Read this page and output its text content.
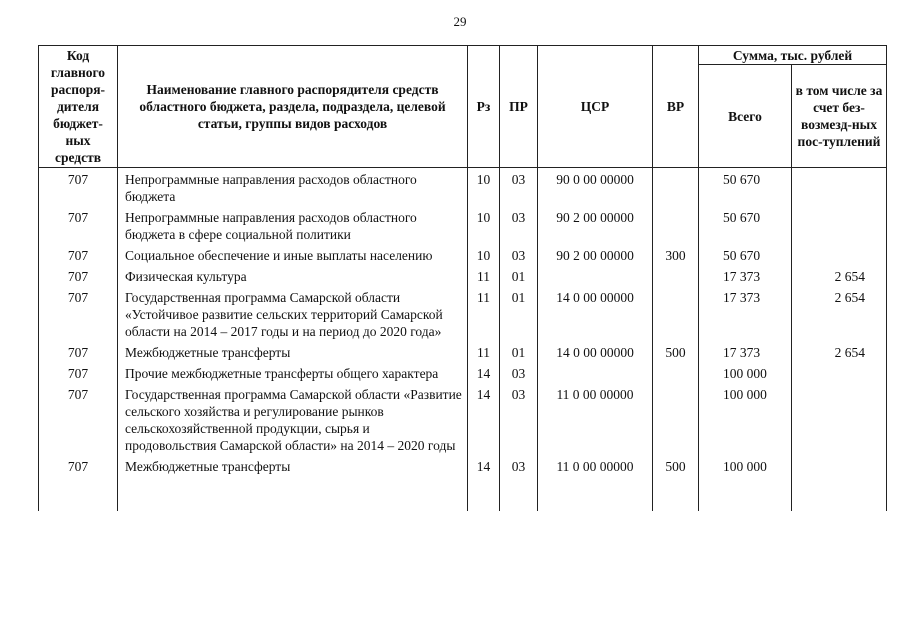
29
Код главного распоря-дителя бюджет-ных средств	Наименование главного распорядителя средств областного бюджета, раздела, подраздела, целевой статьи, группы видов расходов	Рз	ПР	ЦСР	ВР	Сумма, тыс. рублей	
						Всего	в том числе за счет без-возмезд-ных пос-туплений
707	Непрограммные направления расходов областного бюджета	10	03	90 0 00 00000		50 670	
707	Непрограммные направления расходов областного бюджета в сфере социальной политики	10	03	90 2 00 00000		50 670	
707	Социальное обеспечение и иные выплаты населению	10	03	90 2 00 00000	300	50 670	
707	Физическая культура	11	01			17 373	2 654
707	Государственная программа Самарской области «Устойчивое развитие сельских территорий Самарской области на 2014 – 2017 годы и на период до 2020 года»	11	01	14 0 00 00000		17 373	2 654
707	Межбюджетные трансферты	11	01	14 0 00 00000	500	17 373	2 654
707	Прочие межбюджетные трансферты общего характера	14	03			100 000	
707	Государственная программа Самарской области «Развитие сельского хозяйства и регулирование рынков сельскохозяйственной продукции, сырья и продовольствия Самарской области» на 2014 – 2020 годы	14	03	11 0 00 00000		100 000	
707	Межбюджетные трансферты	14	03	11 0 00 00000	500	100 000	
